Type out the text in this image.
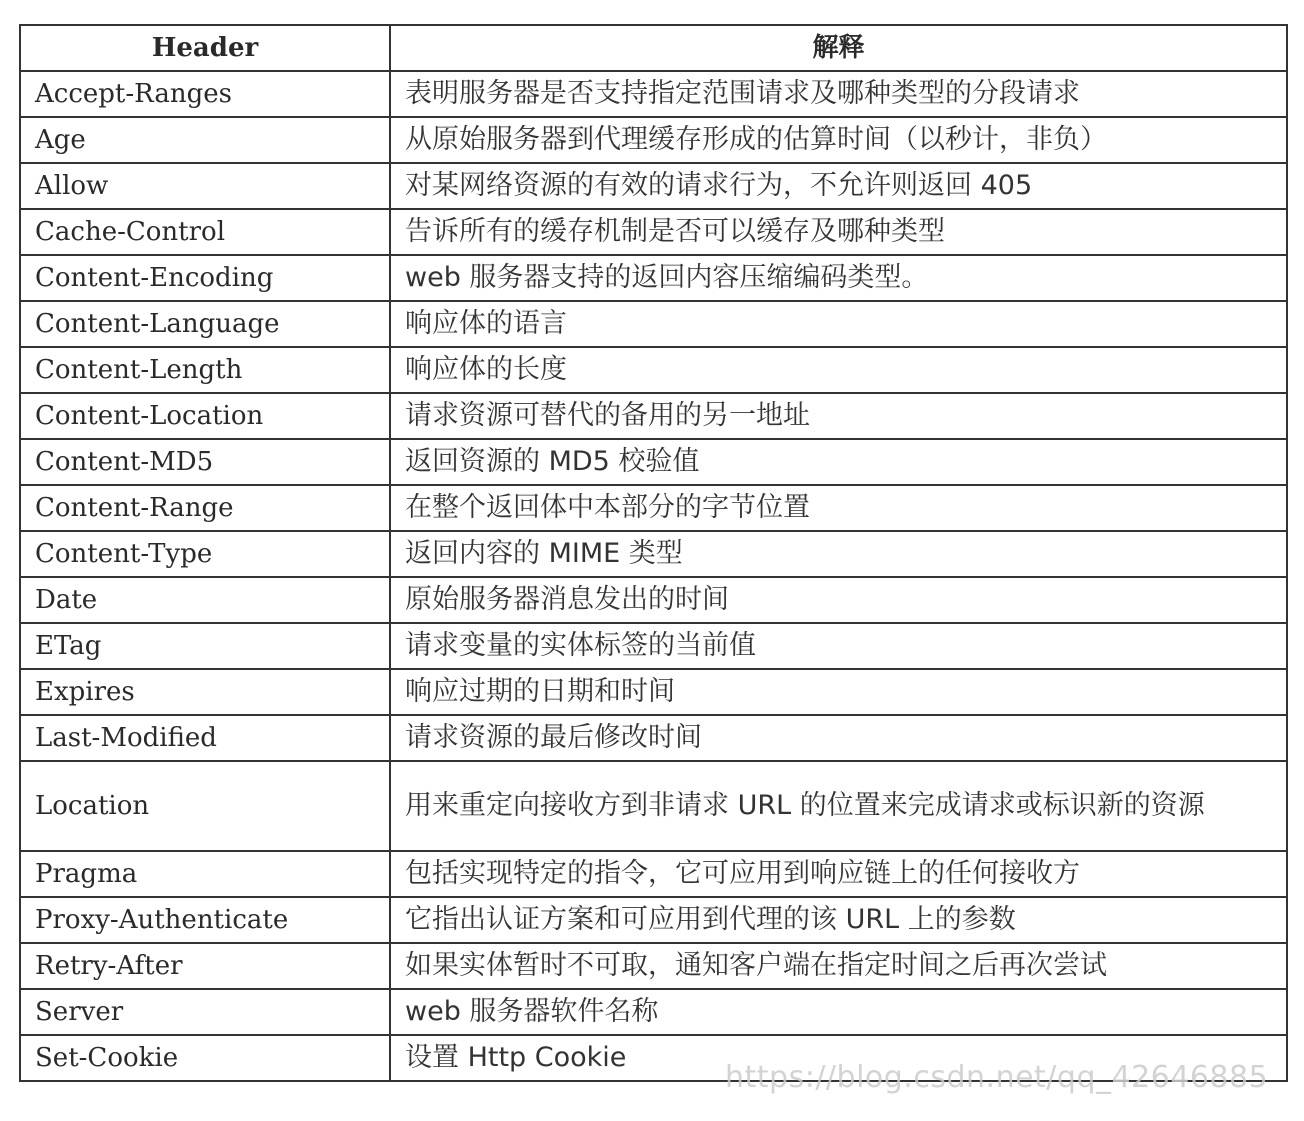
Header	解释
Accept-Ranges	表明服务器是否支持指定范围请求及哪种类型的分段请求
Age	从原始服务器到代理缓存形成的估算时间（以秒计，非负）
Allow	对某网络资源的有效的请求行为，不允许则返回 405
Cache-Control	告诉所有的缓存机制是否可以缓存及哪种类型
Content-Encoding	web 服务器支持的返回内容压缩编码类型。
Content-Language	响应体的语言
Content-Length	响应体的长度
Content-Location	请求资源可替代的备用的另一地址
Content-MD5	返回资源的 MD5 校验值
Content-Range	在整个返回体中本部分的字节位置
Content-Type	返回内容的 MIME 类型
Date	原始服务器消息发出的时间
ETag	请求变量的实体标签的当前值
Expires	响应过期的日期和时间
Last-Modified	请求资源的最后修改时间
Location	用来重定向接收方到非请求 URL 的位置来完成请求或标识新的资源
Pragma	包括实现特定的指令，它可应用到响应链上的任何接收方
Proxy-Authenticate	它指出认证方案和可应用到代理的该 URL 上的参数
Retry-After	如果实体暂时不可取，通知客户端在指定时间之后再次尝试
Server	web 服务器软件名称
Set-Cookie	设置 Http Cookie
https://blog.csdn.net/qq_42646885
